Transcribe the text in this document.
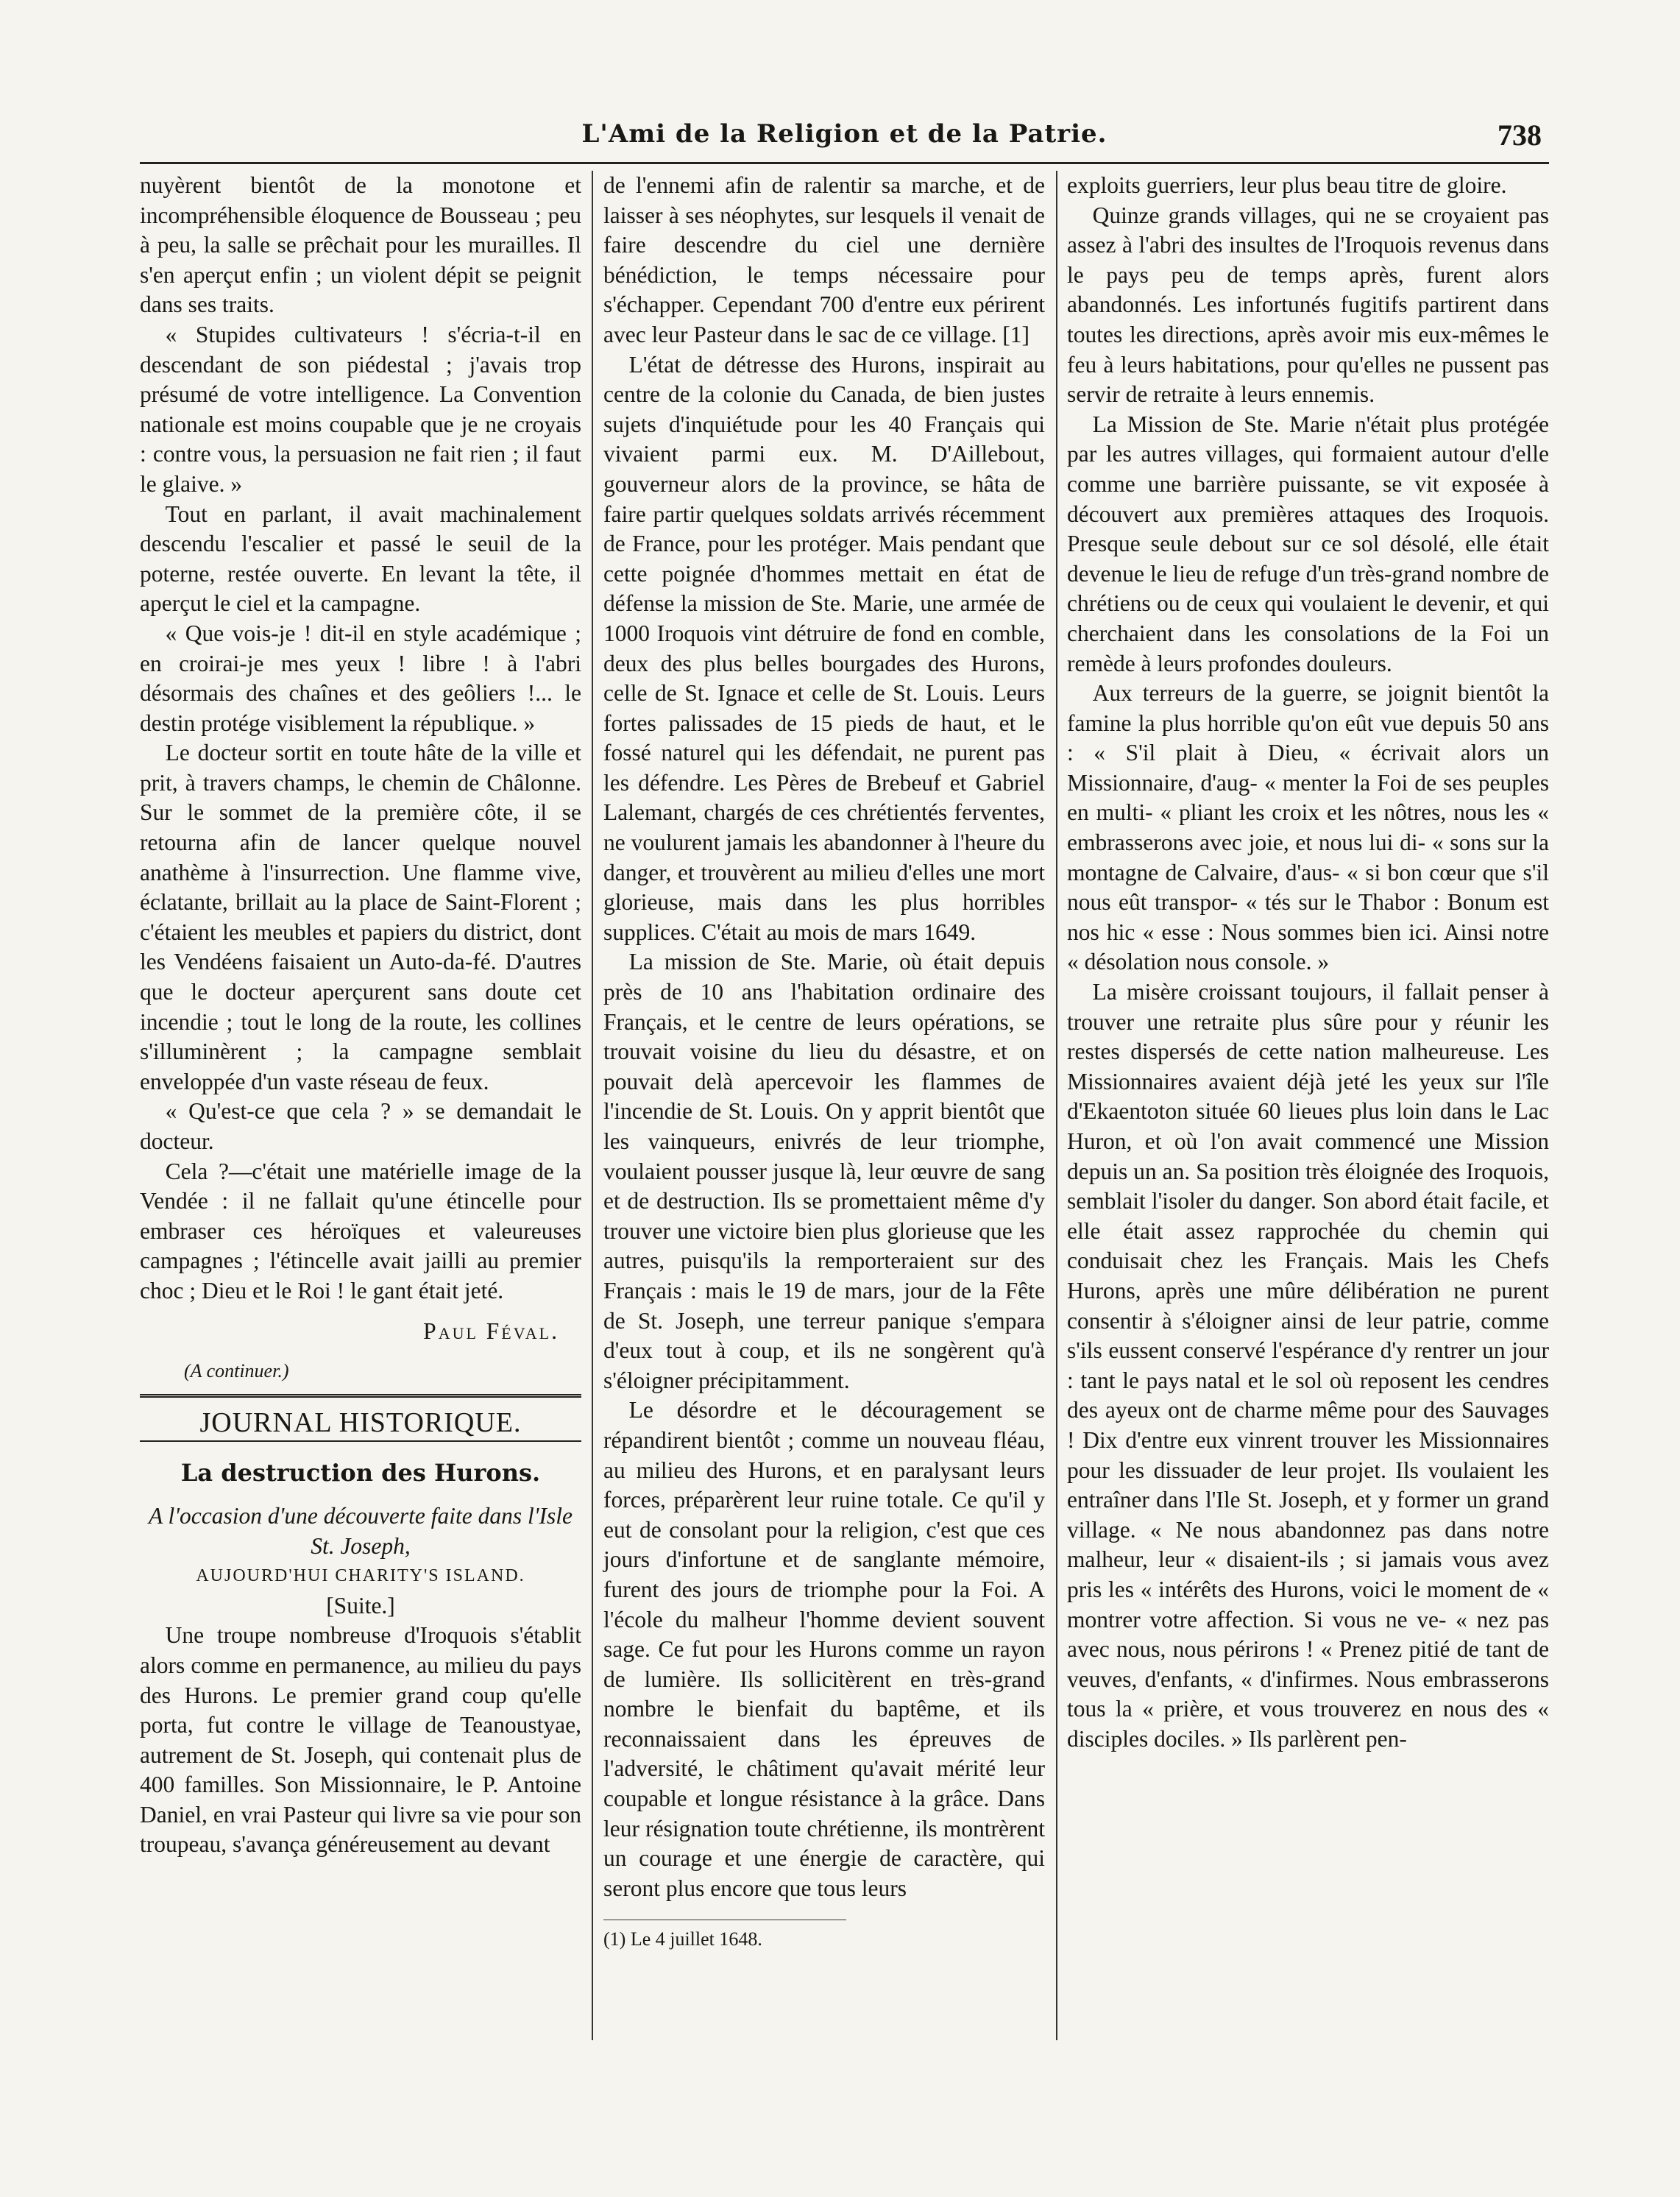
L'Ami de la Religion et de la Patrie.	738

nuyèrent bientôt de la monotone et incompréhensible éloquence de Bousseau ; peu à peu, la salle se prêchait pour les murailles. Il s'en aperçut enfin ; un violent dépit se peignit dans ses traits.

« Stupides cultivateurs ! s'écria-t-il en descendant de son piédestal ; j'avais trop présumé de votre intelligence. La Convention nationale est moins coupable que je ne croyais : contre vous, la persuasion ne fait rien ; il faut le glaive. »

Tout en parlant, il avait machinalement descendu l'escalier et passé le seuil de la poterne, restée ouverte. En levant la tête, il aperçut le ciel et la campagne.

« Que vois-je ! dit-il en style académique ; en croirai-je mes yeux ! libre ! à l'abri désormais des chaînes et des geôliers !... le destin protége visiblement la république. »

Le docteur sortit en toute hâte de la ville et prit, à travers champs, le chemin de Châlonne. Sur le sommet de la première côte, il se retourna afin de lancer quelque nouvel anathème à l'insurrection. Une flamme vive, éclatante, brillait au la place de Saint-Florent ; c'étaient les meubles et papiers du district, dont les Vendéens faisaient un Auto-da-fé. D'autres que le docteur aperçurent sans doute cet incendie ; tout le long de la route, les collines s'illuminèrent ; la campagne semblait enveloppée d'un vaste réseau de feux.

« Qu'est-ce que cela ? » se demandait le docteur.

Cela ?—c'était une matérielle image de la Vendée : il ne fallait qu'une étincelle pour embraser ces héroïques et valeureuses campagnes ; l'étincelle avait jailli au premier choc ; Dieu et le Roi ! le gant était jeté.

Paul Féval.
(A continuer.)
JOURNAL HISTORIQUE.
La destruction des Hurons.

A l'occasion d'une découverte faite dans l'Isle St. Joseph,

AUJOURD'HUI CHARITY'S ISLAND.

[Suite.]

Une troupe nombreuse d'Iroquois s'établit alors comme en permanence, au milieu du pays des Hurons. Le premier grand coup qu'elle porta, fut contre le village de Teanoustyae, autrement de St. Joseph, qui contenait plus de 400 familles. Son Missionnaire, le P. Antoine Daniel, en vrai Pasteur qui livre sa vie pour son troupeau, s'avança généreusement au devant

de l'ennemi afin de ralentir sa marche, et de laisser à ses néophytes, sur lesquels il venait de faire descendre du ciel une dernière bénédiction, le temps nécessaire pour s'échapper. Cependant 700 d'entre eux périrent avec leur Pasteur dans le sac de ce village. [1]

L'état de détresse des Hurons, inspirait au centre de la colonie du Canada, de bien justes sujets d'inquiétude pour les 40 Français qui vivaient parmi eux. M. D'Aillebout, gouverneur alors de la province, se hâta de faire partir quelques soldats arrivés récemment de France, pour les protéger. Mais pendant que cette poignée d'hommes mettait en état de défense la mission de Ste. Marie, une armée de 1000 Iroquois vint détruire de fond en comble, deux des plus belles bourgades des Hurons, celle de St. Ignace et celle de St. Louis. Leurs fortes palissades de 15 pieds de haut, et le fossé naturel qui les défendait, ne purent pas les défendre. Les Pères de Brebeuf et Gabriel Lalemant, chargés de ces chrétientés ferventes, ne voulurent jamais les abandonner à l'heure du danger, et trouvèrent au milieu d'elles une mort glorieuse, mais dans les plus horribles supplices. C'était au mois de mars 1649.

La mission de Ste. Marie, où était depuis près de 10 ans l'habitation ordinaire des Français, et le centre de leurs opérations, se trouvait voisine du lieu du désastre, et on pouvait delà apercevoir les flammes de l'incendie de St. Louis. On y apprit bientôt que les vainqueurs, enivrés de leur triomphe, voulaient pousser jusque là, leur œuvre de sang et de destruction. Ils se promettaient même d'y trouver une victoire bien plus glorieuse que les autres, puisqu'ils la remporteraient sur des Français : mais le 19 de mars, jour de la Fête de St. Joseph, une terreur panique s'empara d'eux tout à coup, et ils ne songèrent qu'à s'éloigner précipitamment.

Le désordre et le découragement se répandirent bientôt ; comme un nouveau fléau, au milieu des Hurons, et en paralysant leurs forces, préparèrent leur ruine totale. Ce qu'il y eut de consolant pour la religion, c'est que ces jours d'infortune et de sanglante mémoire, furent des jours de triomphe pour la Foi. A l'école du malheur l'homme devient souvent sage. Ce fut pour les Hurons comme un rayon de lumière. Ils sollicitèrent en très-grand nombre le bienfait du baptême, et ils reconnaissaient dans les épreuves de l'adversité, le châtiment qu'avait mérité leur coupable et longue résistance à la grâce. Dans leur résignation toute chrétienne, ils montrèrent un courage et une énergie de caractère, qui seront plus encore que tous leurs

(1) Le 4 juillet 1648.

exploits guerriers, leur plus beau titre de gloire.

Quinze grands villages, qui ne se croyaient pas assez à l'abri des insultes de l'Iroquois revenus dans le pays peu de temps après, furent alors abandonnés. Les infortunés fugitifs partirent dans toutes les directions, après avoir mis eux-mêmes le feu à leurs habitations, pour qu'elles ne pussent pas servir de retraite à leurs ennemis.

La Mission de Ste. Marie n'était plus protégée par les autres villages, qui formaient autour d'elle comme une barrière puissante, se vit exposée à découvert aux premières attaques des Iroquois. Presque seule debout sur ce sol désolé, elle était devenue le lieu de refuge d'un très-grand nombre de chrétiens ou de ceux qui voulaient le devenir, et qui cherchaient dans les consolations de la Foi un remède à leurs profondes douleurs.

Aux terreurs de la guerre, se joignit bientôt la famine la plus horrible qu'on eût vue depuis 50 ans : « S'il plait à Dieu, « écrivait alors un Missionnaire, d'aug- « menter la Foi de ses peuples en multi- « pliant les croix et les nôtres, nous les « embrasserons avec joie, et nous lui di- « sons sur la montagne de Calvaire, d'aus- « si bon cœur que s'il nous eût transpor- « tés sur le Thabor : Bonum est nos hic « esse : Nous sommes bien ici. Ainsi notre « désolation nous console. »

La misère croissant toujours, il fallait penser à trouver une retraite plus sûre pour y réunir les restes dispersés de cette nation malheureuse. Les Missionnaires avaient déjà jeté les yeux sur l'île d'Ekaentoton située 60 lieues plus loin dans le Lac Huron, et où l'on avait commencé une Mission depuis un an. Sa position très éloignée des Iroquois, semblait l'isoler du danger. Son abord était facile, et elle était assez rapprochée du chemin qui conduisait chez les Français. Mais les Chefs Hurons, après une mûre délibération ne purent consentir à s'éloigner ainsi de leur patrie, comme s'ils eussent conservé l'espérance d'y rentrer un jour : tant le pays natal et le sol où reposent les cendres des ayeux ont de charme même pour des Sauvages ! Dix d'entre eux vinrent trouver les Missionnaires pour les dissuader de leur projet. Ils voulaient les entraîner dans l'Ile St. Joseph, et y former un grand village. « Ne nous abandonnez pas dans notre malheur, leur « disaient-ils ; si jamais vous avez pris les « intérêts des Hurons, voici le moment de « montrer votre affection. Si vous ne ve- « nez pas avec nous, nous périrons ! « Prenez pitié de tant de veuves, d'enfants, « d'infirmes. Nous embrasserons tous la « prière, et vous trouverez en nous des « disciples dociles. » Ils parlèrent pen-
